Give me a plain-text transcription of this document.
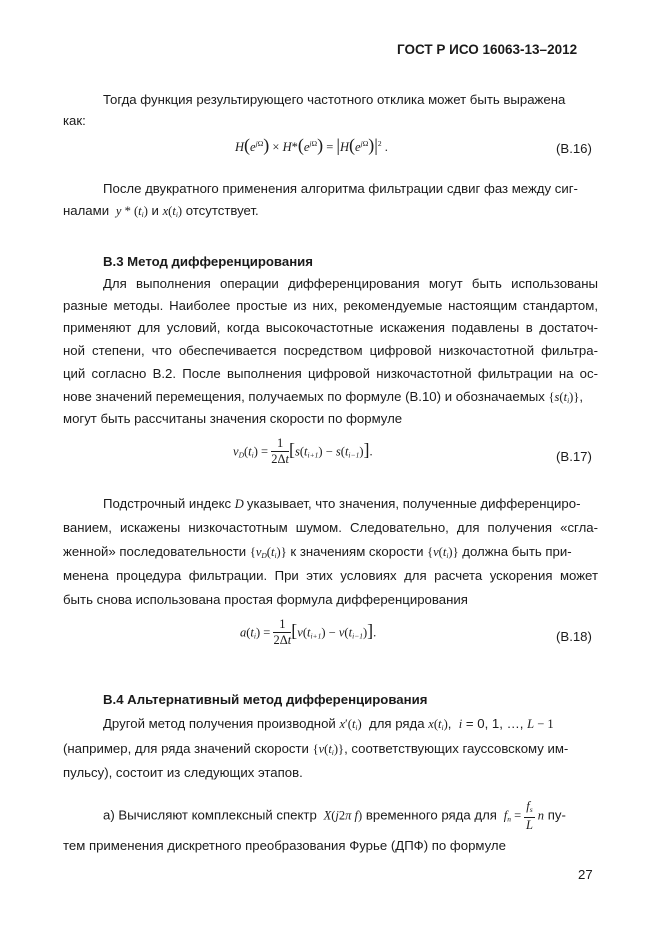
ГОСТ Р ИСО 16063-13–2012
Тогда функция результирующего частотного отклика может быть выражена
как:
$H(e^{j\Omega}) \times H*(e^{j\Omega}) = |H(e^{j\Omega})|^2$ .	(B.16)
После двукратного применения алгоритма фильтрации сдвиг фаз между сиг-
налами  y * $(t_i)$ и $x(t_i)$ отсутствует.
B.3 Метод дифференцирования
Для выполнения операции дифференцирования могут быть использованы
разные методы. Наиболее простые из них, рекомендуемые настоящим стандартом,
применяют для условий, когда высокочастотные искажения подавлены в достаточ-
ной степени, что обеспечивается посредством цифровой низкочастотной фильтра-
ций согласно B.2. После выполнения цифровой низкочастотной фильтрации на ос-
нове значений перемещения, получаемых по формуле (B.10) и обозначаемых $\{s(t_i)\}$,
могут быть рассчитаны значения скорости по формуле
$v_D(t_i) = \frac{1}{2\Delta t} [s(t_{i+1}) - s(t_{i-1})]$.	(B.17)
Подстрочный индекс D указывает, что значения, полученные дифференциро-
ванием, искажены низкочастотным шумом. Следовательно, для получения «сгла-
женной» последовательности $\{v_D(t_i)\}$ к значениям скорости $\{v(t_i)\}$ должна быть при-
менена процедура фильтрации. При этих условиях для расчета ускорения может
быть снова использована простая формула дифференцирования
$a(t_i) = \frac{1}{2\Delta t} [v(t_{i+1}) - v(t_{i-1})]$.	(B.18)
B.4 Альтернативный метод дифференцирования
Другой метод получения производной $x'(t_i)$ для ряда $x(t_i)$,  i = 0, 1, …, L − 1
(например, для ряда значений скорости $\{v(t_i)\}$, соответствующих гауссовскому им-
пульсу), состоит из следующих этапов.
а) Вычисляют комплексный спектр  X(j2π f) временного ряда для  $f_n = \frac{f_s}{L}$ n пу-
тем применения дискретного преобразования Фурье (ДПФ) по формуле
27
